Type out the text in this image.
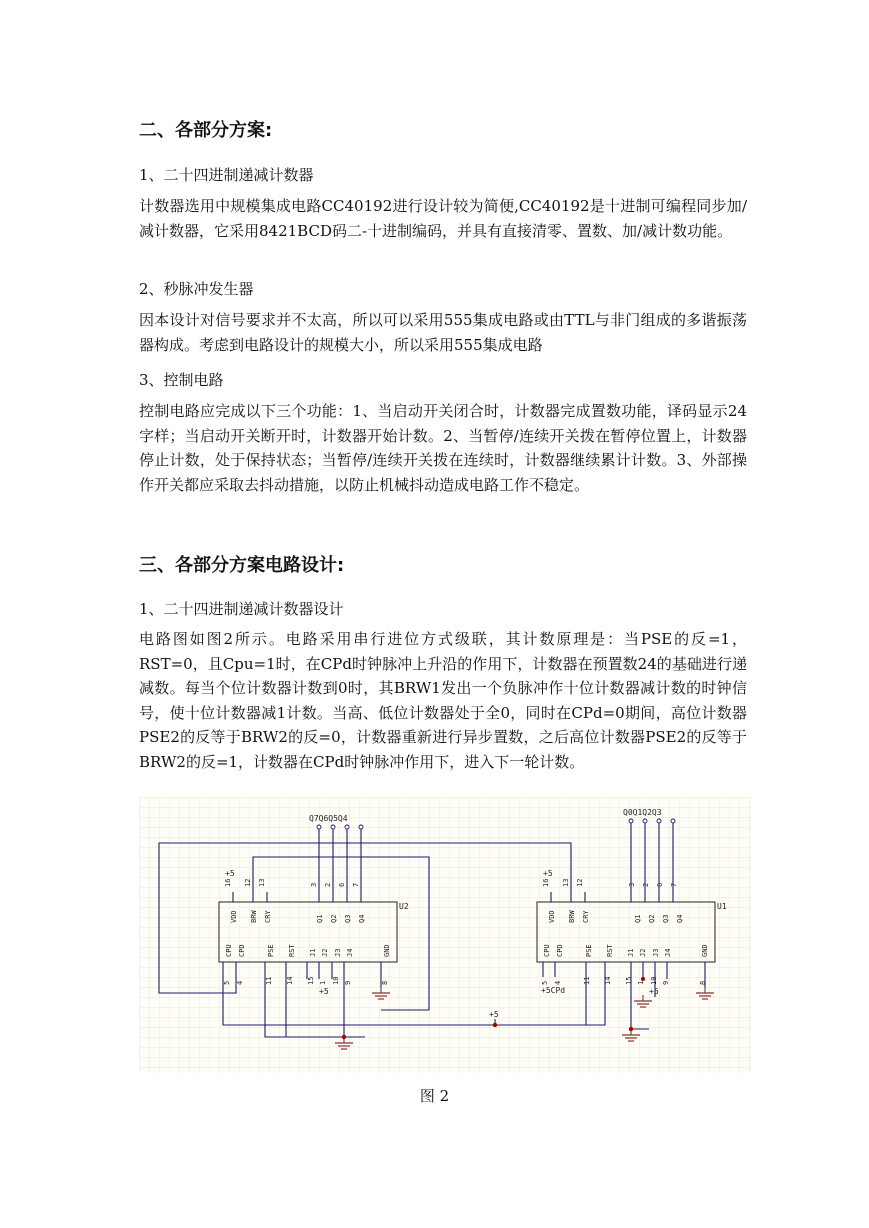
二、各部分方案:

1、二十四进制递减计数器

计数器选用中规模集成电路CC40192进行设计较为简便,CC40192是十进制可编程同步加/减计数器，它采用8421BCD码二-十进制编码，并具有直接清零、置数、加/减计数功能。

2、秒脉冲发生器

因本设计对信号要求并不太高，所以可以采用555集成电路或由TTL与非门组成的多谐振荡器构成。考虑到电路设计的规模大小，所以采用555集成电路

3、控制电路

控制电路应完成以下三个功能：1、当启动开关闭合时，计数器完成置数功能，译码显示24字样；当启动开关断开时，计数器开始计数。2、当暂停/连续开关拨在暂停位置上，计数器停止计数，处于保持状态；当暂停/连续开关拨在连续时，计数器继续累计计数。3、外部操作开关都应采取去抖动措施，以防止机械抖动造成电路工作不稳定。

三、各部分方案电路设计:

1、二十四进制递减计数器设计

电路图如图2所示。电路采用串行进位方式级联，其计数原理是：当PSE的反=1，RST=0，且Cpu=1时，在CPd时钟脉冲上升沿的作用下，计数器在预置数24的基础进行递减数。每当个位计数器计数到0时，其BRW1发出一个负脉冲作十位计数器减计数的时钟信号，使十位计数器减1计数。当高、低位计数器处于全0，同时在CPd=0期间，高位计数器PSE2的反等于BRW2的反=0，计数器重新进行异步置数，之后高位计数器PSE2的反等于BRW2的反=1，计数器在CPd时钟脉冲作用下，进入下一轮计数。

Q7Q6Q5Q4
Q0Q1Q2Q3
U2	U1
+5	+5
+5
+5	+5
+5CPd
16 12 13	3 2 6 7
5 4	11 14 15 1 10 9	8
VDD BRW CRY	Q1 Q2 Q3 Q4
CPU CPD	PSE RST J1 J2 J3 J4	GND
16 13 12	3 2 6 7
5 4	11 14 15 1 10 9	8
VDD BRW CRY	Q1 Q2 Q3 Q4
CPU CPD	PSE RST J1 J2 J3 J4	GND
图 2
